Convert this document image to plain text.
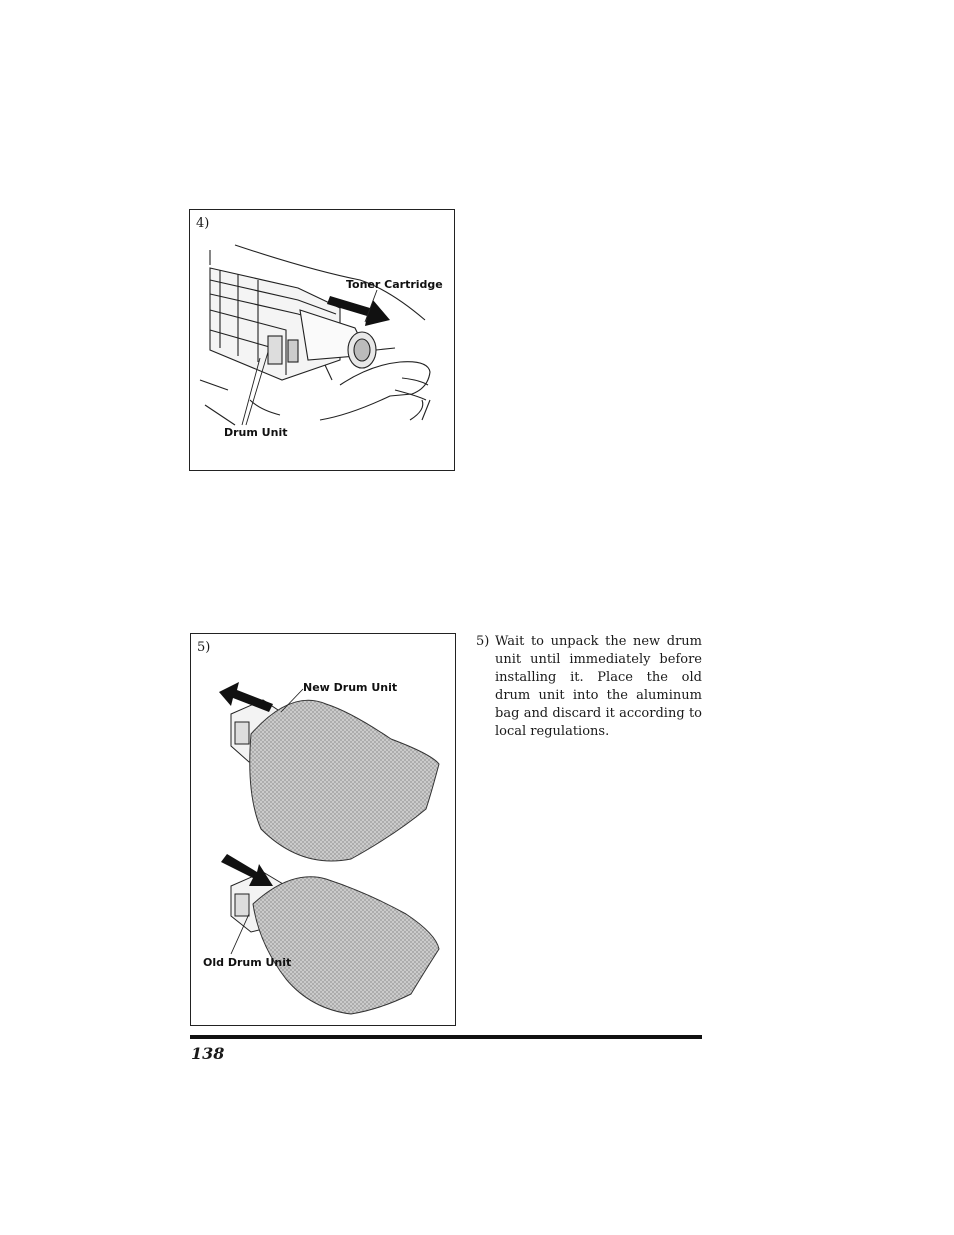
4)
Toner Cartridge
Drum Unit
5)
New Drum Unit
Old Drum Unit
5) Wait to unpack the new drum unit until immediately before installing it. Place the old drum unit into the aluminum bag and discard it according to local regulations.
138
